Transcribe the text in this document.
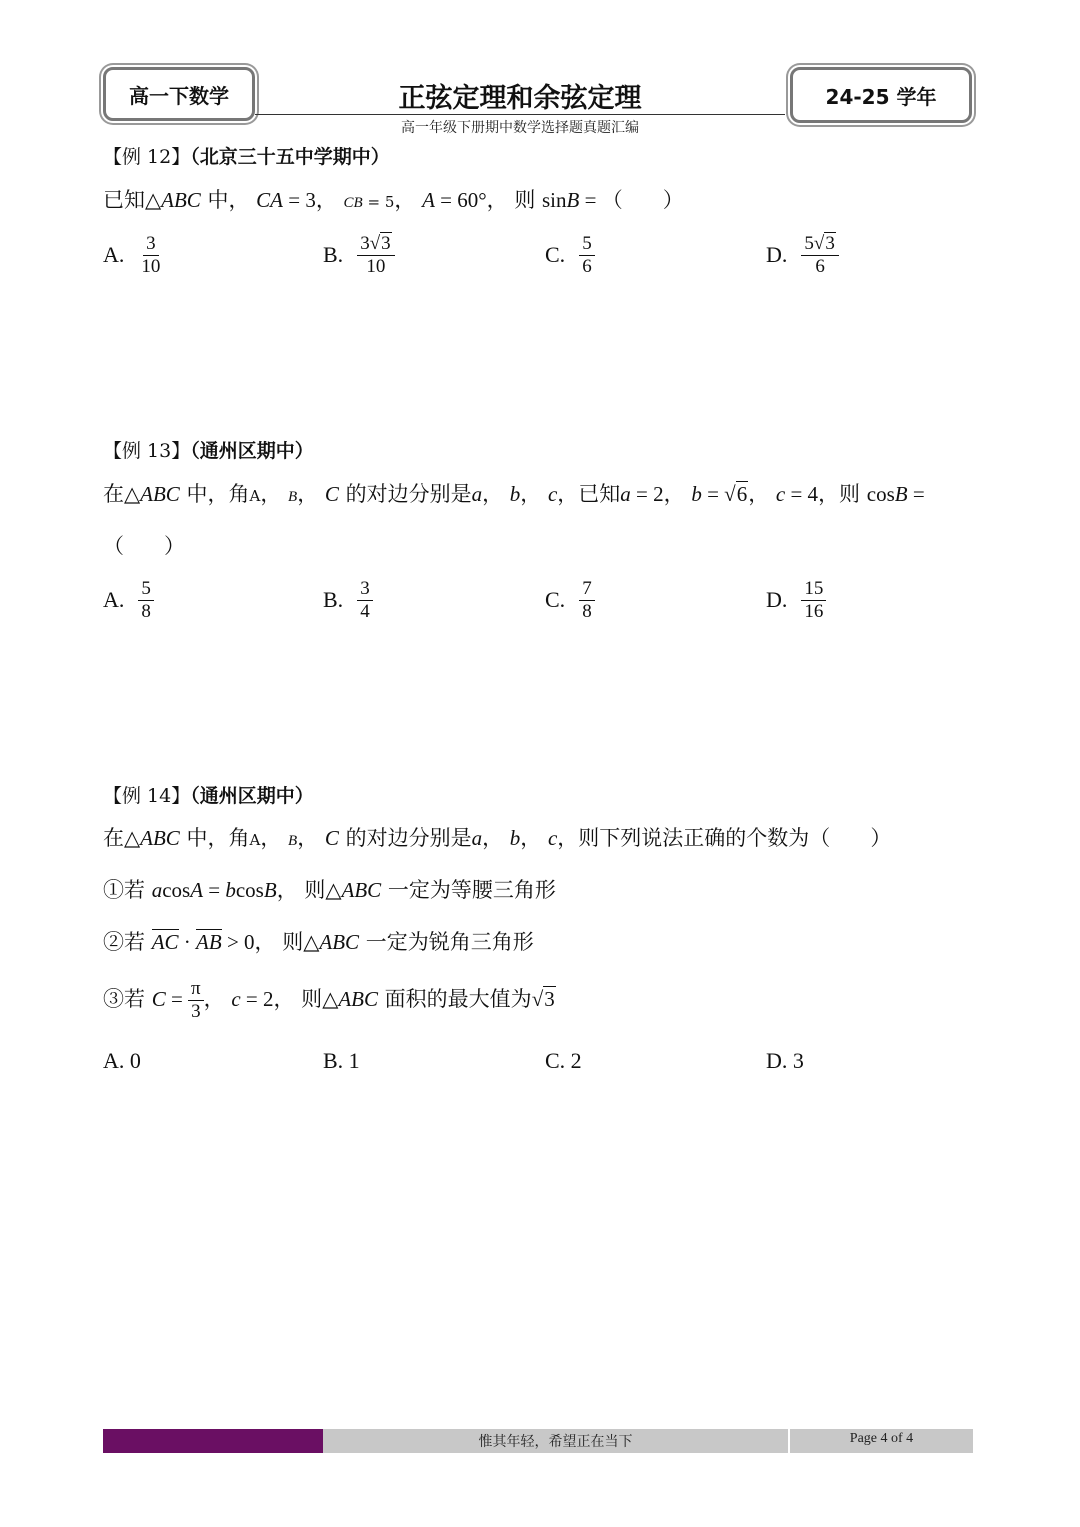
高一下数学	正弦定理和余弦定理
高一年级下册期中数学选择题真题汇编
24-25 学年
【例 12】（北京三十五中学期中）
已知△ABC 中， CA = 3， CB = 5， A = 60°， 则 sinB = （      ）
A. $\frac{3}{10}$	B. $\frac{3√3}{10}$	C. $\frac{5}{6}$	D. $\frac{5√3}{6}$
【例 13】（通州区期中）
在△ABC 中，角A， B， C 的对边分别是a， b， c，已知a = 2， b = √6， c = 4，则 cosB =
（      ）
A. $\frac{5}{8}$	B. $\frac{3}{4}$	C. $\frac{7}{8}$	D. $\frac{15}{16}$
【例 14】（通州区期中）
在△ABC 中，角A， B， C 的对边分别是a， b， c，则下列说法正确的个数为（      ）
①若 acosA = bcosB， 则△ABC 一定为等腰三角形
②若 AC · AB > 0， 则△ABC 一定为锐角三角形
③若 $C = \frac{\pi}{3}$ ， c = 2， 则△ABC 面积的最大值为√3
A. 0	B. 1	C. 2	D. 3
惟其年轻，希望正在当下	Page 4 of 4
